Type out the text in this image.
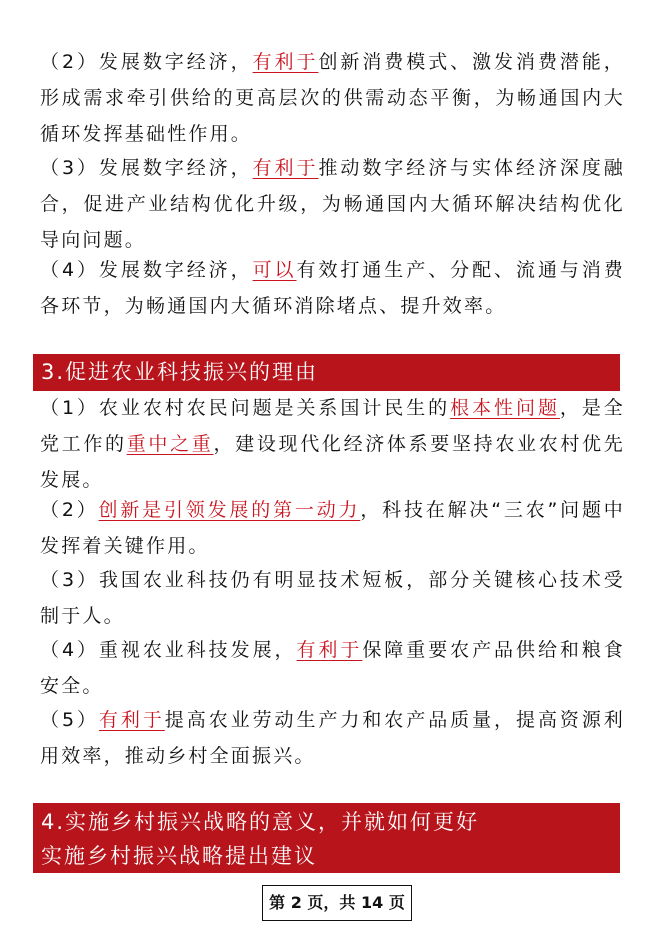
（2）发展数字经济，有利于创新消费模式、激发消费潜能，形成需求牵引供给的更高层次的供需动态平衡，为畅通国内大循环发挥基础性作用。

（3）发展数字经济，有利于推动数字经济与实体经济深度融合，促进产业结构优化升级，为畅通国内大循环解决结构优化导向问题。

（4）发展数字经济，可以有效打通生产、分配、流通与消费各环节，为畅通国内大循环消除堵点、提升效率。

3.促进农业科技振兴的理由

（1）农业农村农民问题是关系国计民生的根本性问题，是全党工作的重中之重，建设现代化经济体系要坚持农业农村优先发展。

（2）创新是引领发展的第一动力，科技在解决“三农”问题中发挥着关键作用。

（3）我国农业科技仍有明显技术短板，部分关键核心技术受制于人。

（4）重视农业科技发展，有利于保障重要农产品供给和粮食安全。

（5）有利于提高农业劳动生产力和农产品质量，提高资源利用效率，推动乡村全面振兴。

4.实施乡村振兴战略的意义，并就如何更好
实施乡村振兴战略提出建议
第 2 页，共 14 页
